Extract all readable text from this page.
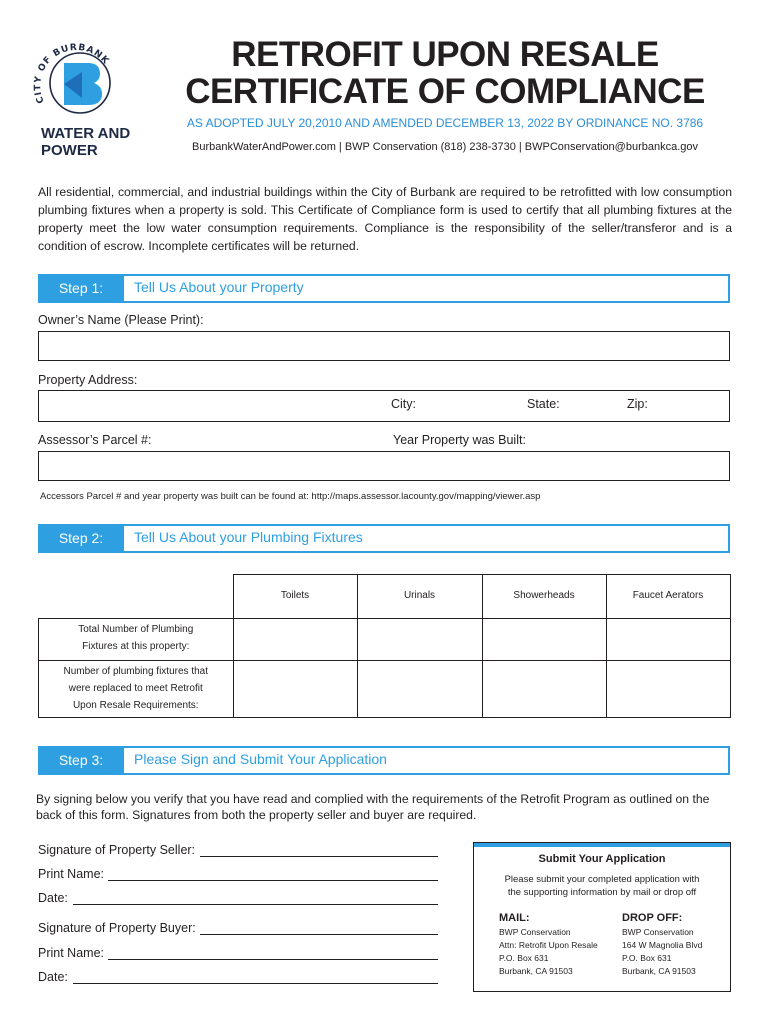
CITY OF BURBANK
WATER AND
POWER
RETROFIT UPON RESALE
CERTIFICATE OF COMPLIANCE
AS ADOPTED JULY 20,2010 AND AMENDED DECEMBER 13, 2022 BY ORDINANCE NO. 3786
BurbankWaterAndPower.com | BWP Conservation (818) 238-3730 | BWPConservation@burbankca.gov
All residential, commercial, and industrial buildings within the City of Burbank are required to be retrofitted with low consumption plumbing fixtures when a property is sold. This Certificate of Compliance form is used to certify that all plumbing fixtures at the property meet the low water consumption requirements. Compliance is the responsibility of the seller/transferor and is a condition of escrow. Incomplete certificates will be returned.
Step 1:	Tell Us About your Property
Owner’s Name (Please Print):
Property Address:
City:	State:	Zip:
Assessor’s Parcel #:	Year Property was Built:
Accessors Parcel # and year property was built can be found at: http://maps.assessor.lacounty.gov/mapping/viewer.asp
Step 2:	Tell Us About your Plumbing Fixtures
	Toilets	Urinals	Showerheads	Faucet Aerators

Total Number of Plumbing
Fixtures at this property:				

Number of plumbing fixtures that
were replaced to meet Retrofit
Upon Resale Requirements:				

Step 3:	Please Sign and Submit Your Application
By signing below you verify that you have read and complied with the requirements of the Retrofit Program as outlined on the back of this form. Signatures from both the property seller and buyer are required.
Signature of Property Seller:
Print Name:
Date:
Signature of Property Buyer:
Print Name:
Date:
Submit Your Application
Please submit your completed application with
the supporting information by mail or drop off
MAIL:
BWP Conservation
Attn: Retrofit Upon Resale
P.O. Box 631
Burbank, CA 91503
DROP OFF:
BWP Conservation
164 W Magnolia Blvd
P.O. Box 631
Burbank, CA 91503
